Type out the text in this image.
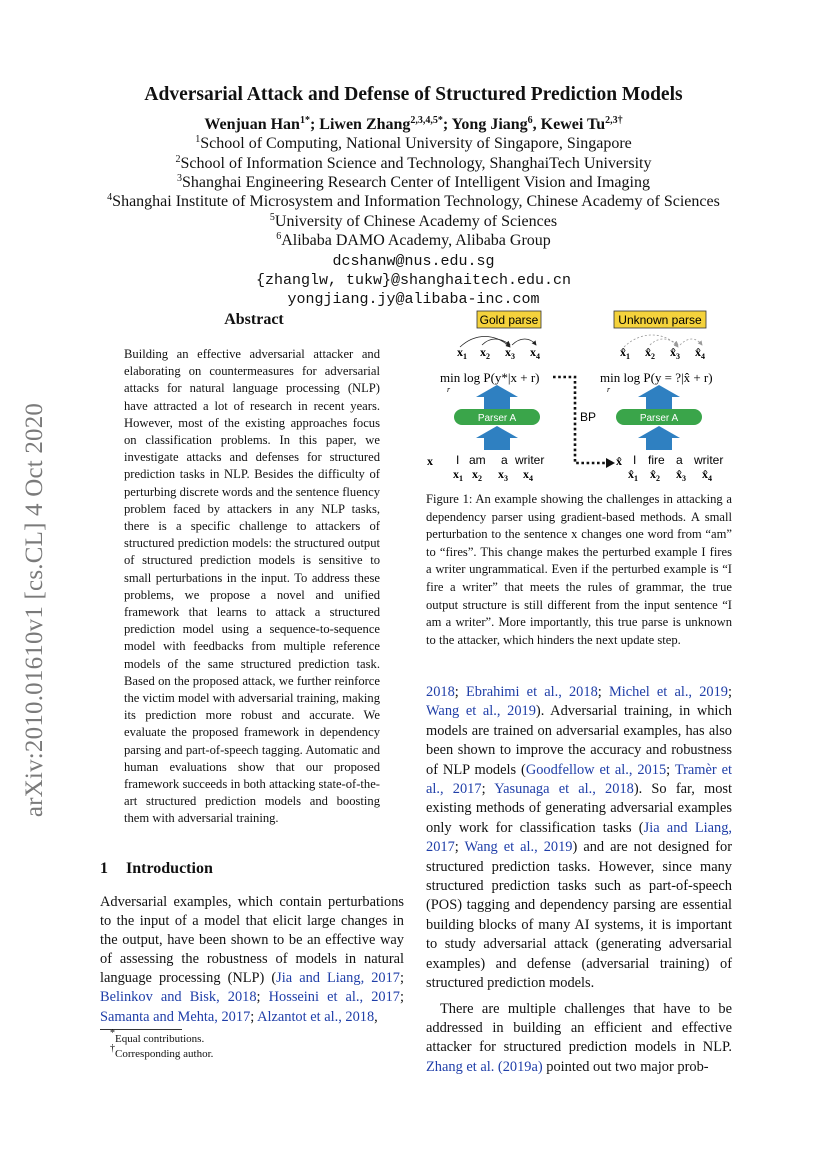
arXiv:2010.01610v1 [cs.CL] 4 Oct 2020
Adversarial Attack and Defense of Structured Prediction Models
Wenjuan Han$^{1*}$; Liwen Zhang$^{2,3,4,5*}$; Yong Jiang$^6$, Kewei $Tu^{2,3\dagger}$
$^1$School of Computing, National University of Singapore, Singapore
$^2$School of Information Science and Technology, ShanghaiTech University
$^3$Shanghai Engineering Research Center of Intelligent Vision and Imaging
$^4$Shanghai Institute of Microsystem and Information Technology, Chinese Academy of Sciences
$^5$University of Chinese Academy of Sciences
$^6$Alibaba DAMO Academy, Alibaba Group
dcshanw@nus.edu.sg
{zhanglw, tukw}@shanghaitech.edu.cn
yongjiang.jy@alibaba-inc.com
Abstract
Building an effective adversarial attacker and elaborating on countermeasures for adversarial attacks for natural language processing (NLP) have attracted a lot of research in recent years. However, most of the existing approaches focus on classification problems. In this paper, we investigate attacks and defenses for structured prediction tasks in NLP. Besides the difficulty of perturbing discrete words and the sentence fluency problem faced by attackers in any NLP tasks, there is a specific challenge to attackers of structured prediction models: the structured output of structured prediction models is sensitive to small perturbations in the input. To address these problems, we propose a novel and unified framework that learns to attack a structured prediction model using a sequence-to-sequence model with feedbacks from multiple reference models of the same structured prediction task. Based on the proposed attack, we further reinforce the victim model with adversarial training, making its prediction more robust and accurate. We evaluate the proposed framework in dependency parsing and part-of-speech tagging. Automatic and human evaluations show that our proposed framework succeeds in both attacking state-of-the-art structured prediction models and boosting them with adversarial training.
1 Introduction
Adversarial examples, which contain perturbations to the input of a model that elicit large changes in the output, have been shown to be an effective way of assessing the robustness of models in natural language processing (NLP) (Jia and Liang, 2017; Belinkov and Bisk, 2018; Hosseini et al., 2017; Samanta and Mehta, 2017; Alzantot et al., 2018,
*Equal contributions.
†Corresponding author.
Gold parse	Unknown parse
$x_1$ $x_2$ $x_3$ $x_4$	$x̂_1$ $x̂_2$ $x̂_3$ $x̂_4$
min log P(y*|x + r)
r
min log P(y = ?|x̂ + r)
r
BP
Parser A	Parser A
x I am a writer
$x_1$ $x_2$ $x_3$ $x_4$
x̂ I fire a writer
$x̂_1$ $x̂_2$ $x̂_3$ $x̂_4$
Figure 1: An example showing the challenges in attacking a dependency parser using gradient-based methods. A small perturbation to the sentence x changes one word from “am” to “fires”. This change makes the perturbed example I fires a writer ungrammatical. Even if the perturbed example is “I fire a writer” that meets the rules of grammar, the true output structure is still different from the input sentence “I am a writer”. More importantly, this true parse is unknown to the attacker, which hinders the next update step.

2018; Ebrahimi et al., 2018; Michel et al., 2019; Wang et al., 2019). Adversarial training, in which models are trained on adversarial examples, has also been shown to improve the accuracy and robustness of NLP models (Goodfellow et al., 2015; Tramèr et al., 2017; Yasunaga et al., 2018). So far, most existing methods of generating adversarial examples only work for classification tasks (Jia and Liang, 2017; Wang et al., 2019) and are not designed for structured prediction tasks. However, since many structured prediction tasks such as part-of-speech (POS) tagging and dependency parsing are essential building blocks of many AI systems, it is important to study adversarial attack (generating adversarial examples) and defense (adversarial training) of structured prediction models.

There are multiple challenges that have to be addressed in building an efficient and effective attacker for structured prediction models in NLP. Zhang et al. (2019a) pointed out two major prob-
